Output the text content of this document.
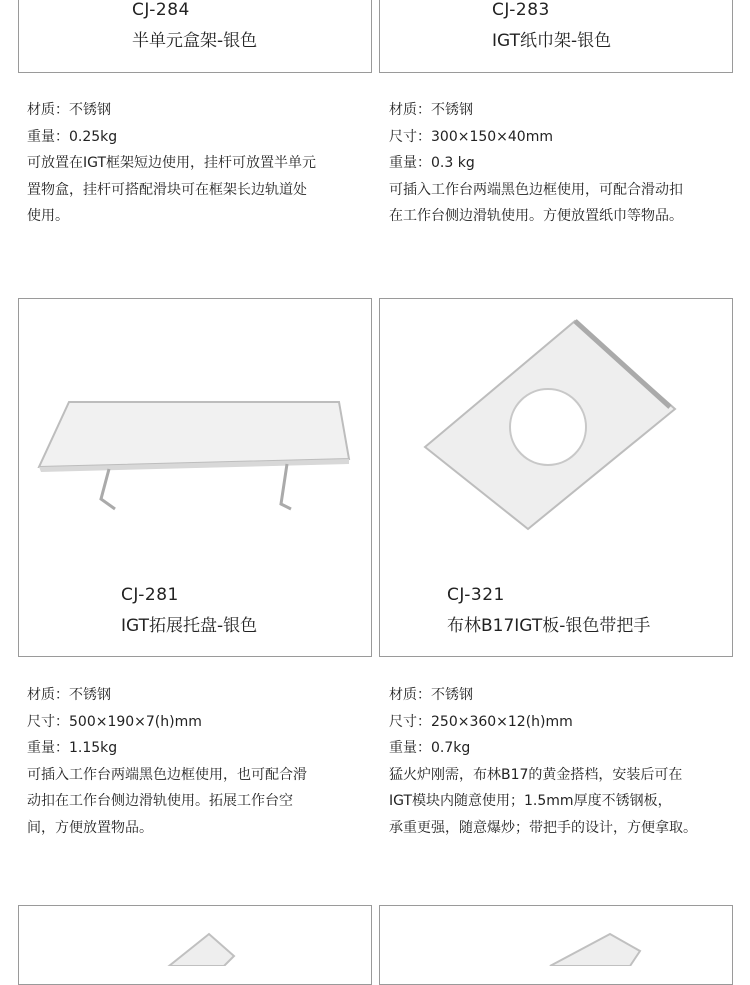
CJ-284
半单元盒架-银色
CJ-283
IGT纸巾架-银色
材质：不锈钢
重量：0.25kg
可放置在IGT框架短边使用，挂杆可放置半单元
置物盒，挂杆可搭配滑块可在框架长边轨道处
使用。
材质：不锈钢
尺寸：300×150×40mm
重量：0.3 kg
可插入工作台两端黑色边框使用，可配合滑动扣
在工作台侧边滑轨使用。方便放置纸巾等物品。
CJ-281
IGT拓展托盘-银色
CJ-321
布林B17IGT板-银色带把手
材质：不锈钢
尺寸：500×190×7(h)mm
重量：1.15kg
可插入工作台两端黑色边框使用，也可配合滑
动扣在工作台侧边滑轨使用。拓展工作台空
间，方便放置物品。
材质：不锈钢
尺寸：250×360×12(h)mm
重量：0.7kg
猛火炉刚需，布林B17的黄金搭档，安装后可在
IGT模块内随意使用；1.5mm厚度不锈钢板，
承重更强，随意爆炒；带把手的设计，方便拿取。
